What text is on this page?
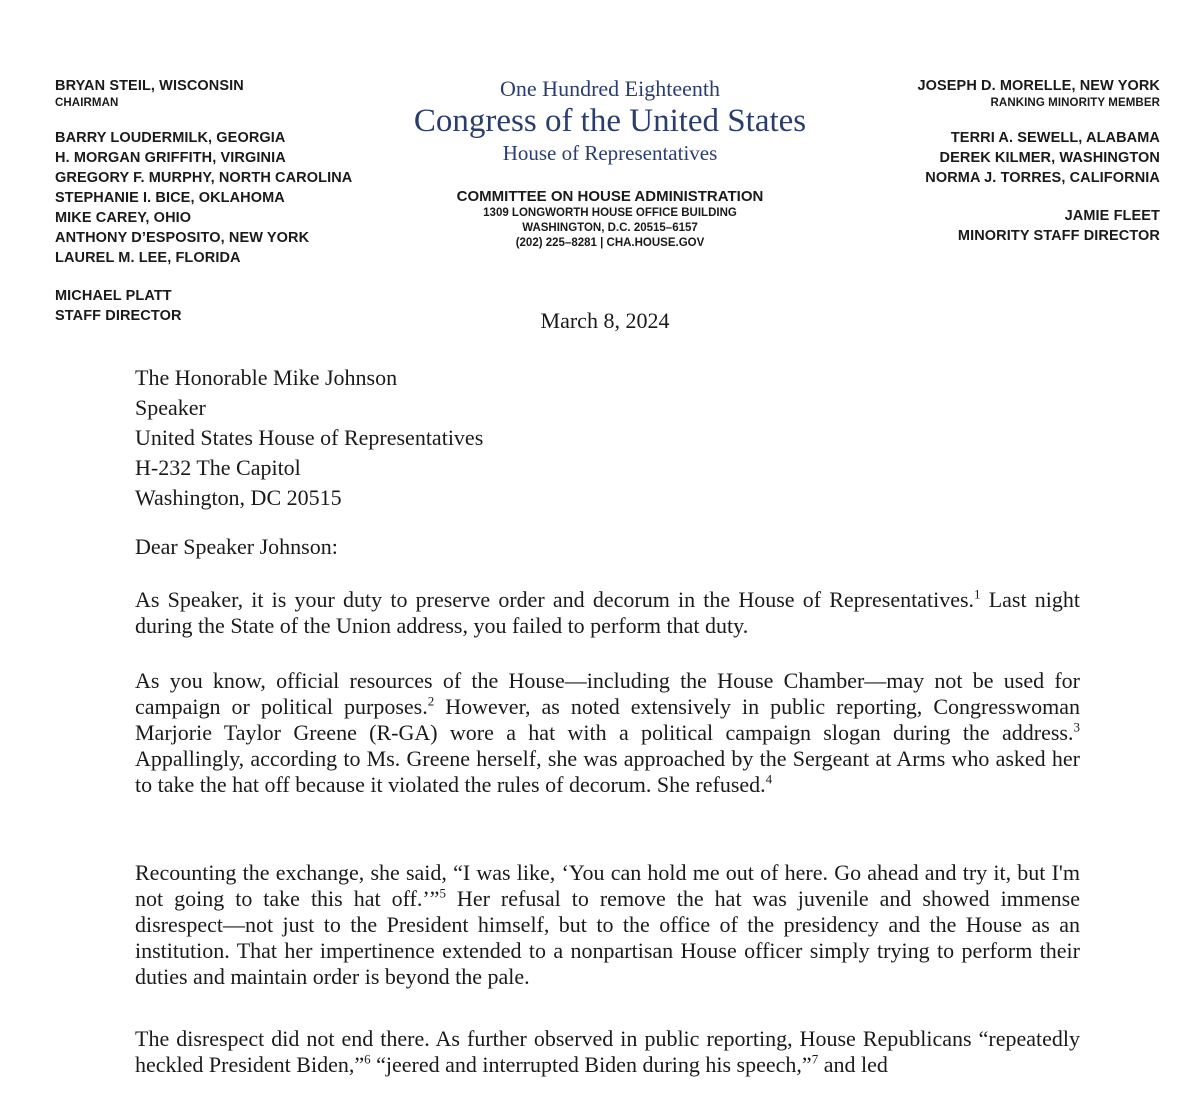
BRYAN STEIL, WISCONSIN
CHAIRMAN
BARRY LOUDERMILK, GEORGIA
H. MORGAN GRIFFITH, VIRGINIA
GREGORY F. MURPHY, NORTH CAROLINA
STEPHANIE I. BICE, OKLAHOMA
MIKE CAREY, OHIO
ANTHONY D’ESPOSITO, NEW YORK
LAUREL M. LEE, FLORIDA
MICHAEL PLATT
STAFF DIRECTOR
One Hundred Eighteenth
Congress of the United States
House of Representatives
COMMITTEE ON HOUSE ADMINISTRATION
1309 LONGWORTH HOUSE OFFICE BUILDING
WASHINGTON, D.C. 20515–6157
(202) 225–8281 | CHA.HOUSE.GOV
JOSEPH D. MORELLE, NEW YORK
RANKING MINORITY MEMBER
TERRI A. SEWELL, ALABAMA
DEREK KILMER, WASHINGTON
NORMA J. TORRES, CALIFORNIA
JAMIE FLEET
MINORITY STAFF DIRECTOR
March 8, 2024
The Honorable Mike Johnson
Speaker
United States House of Representatives
H-232 The Capitol
Washington, DC 20515
Dear Speaker Johnson:
As Speaker, it is your duty to preserve order and decorum in the House of Representatives.$^1$ Last night during the State of the Union address, you failed to perform that duty.
As you know, official resources of the House—including the House Chamber—may not be used for campaign or political purposes.$^2$ However, as noted extensively in public reporting, Congresswoman Marjorie Taylor Greene (R-GA) wore a hat with a political campaign slogan during the address.$^3$ Appallingly, according to Ms. Greene herself, she was approached by the Sergeant at Arms who asked her to take the hat off because it violated the rules of decorum. She refused.$^4$
Recounting the exchange, she said, “I was like, ‘You can hold me out of here. Go ahead and try it, but I'm not going to take this hat off.’”$^5$ Her refusal to remove the hat was juvenile and showed immense disrespect—not just to the President himself, but to the office of the presidency and the House as an institution. That her impertinence extended to a nonpartisan House officer simply trying to perform their duties and maintain order is beyond the pale.
The disrespect did not end there. As further observed in public reporting, House Republicans “repeatedly heckled President Biden,”$^6$ “jeered and interrupted Biden during his speech,”$^7$ and led
